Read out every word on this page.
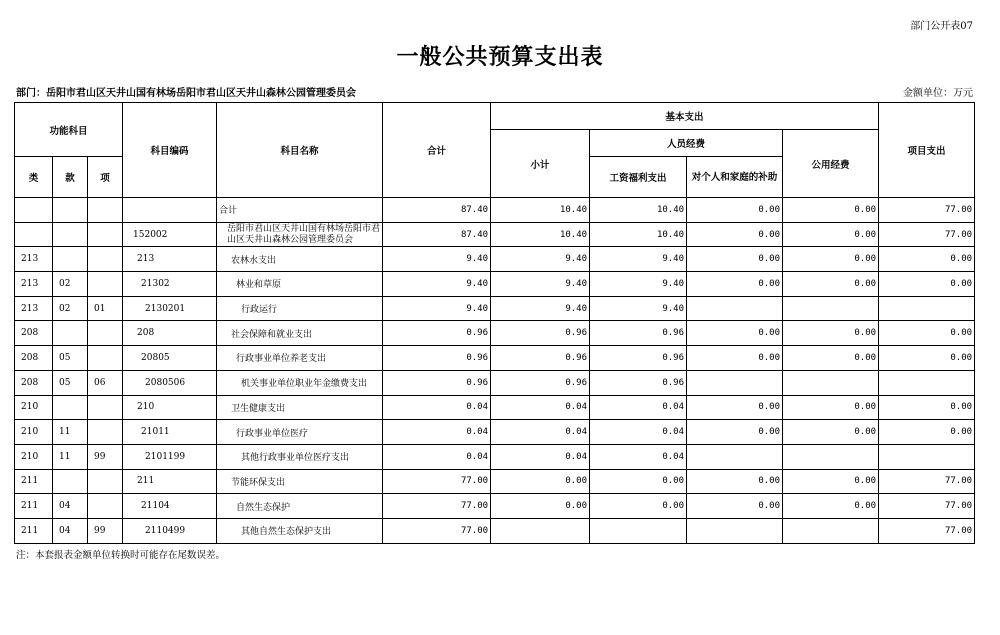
部门公开表07
一般公共预算支出表
部门：岳阳市君山区天井山国有林场岳阳市君山区天井山森林公园管理委员会	金额单位：万元
功能科目			科目编码	科目名称	合计	基本支出				项目支出
						小计	人员经费		公用经费	
类	款	项					工资福利支出	对个人和家庭的补助		
				合计	87.40	10.40	10.40	0.00	0.00	77.00
			152002	岳阳市君山区天井山国有林场岳阳市君山区天井山森林公园管理委员会	87.40	10.40	10.40	0.00	0.00	77.00
213			213	农林水支出	9.40	9.40	9.40	0.00	0.00	0.00
213	02		21302	林业和草原	9.40	9.40	9.40	0.00	0.00	0.00
213	02	01	2130201	行政运行	9.40	9.40	9.40			
208			208	社会保障和就业支出	0.96	0.96	0.96	0.00	0.00	0.00
208	05		20805	行政事业单位养老支出	0.96	0.96	0.96	0.00	0.00	0.00
208	05	06	2080506	机关事业单位职业年金缴费支出	0.96	0.96	0.96			
210			210	卫生健康支出	0.04	0.04	0.04	0.00	0.00	0.00
210	11		21011	行政事业单位医疗	0.04	0.04	0.04	0.00	0.00	0.00
210	11	99	2101199	其他行政事业单位医疗支出	0.04	0.04	0.04			
211			211	节能环保支出	77.00	0.00	0.00	0.00	0.00	77.00
211	04		21104	自然生态保护	77.00	0.00	0.00	0.00	0.00	77.00
211	04	99	2110499	其他自然生态保护支出	77.00					77.00
注：本套报表金额单位转换时可能存在尾数误差。
